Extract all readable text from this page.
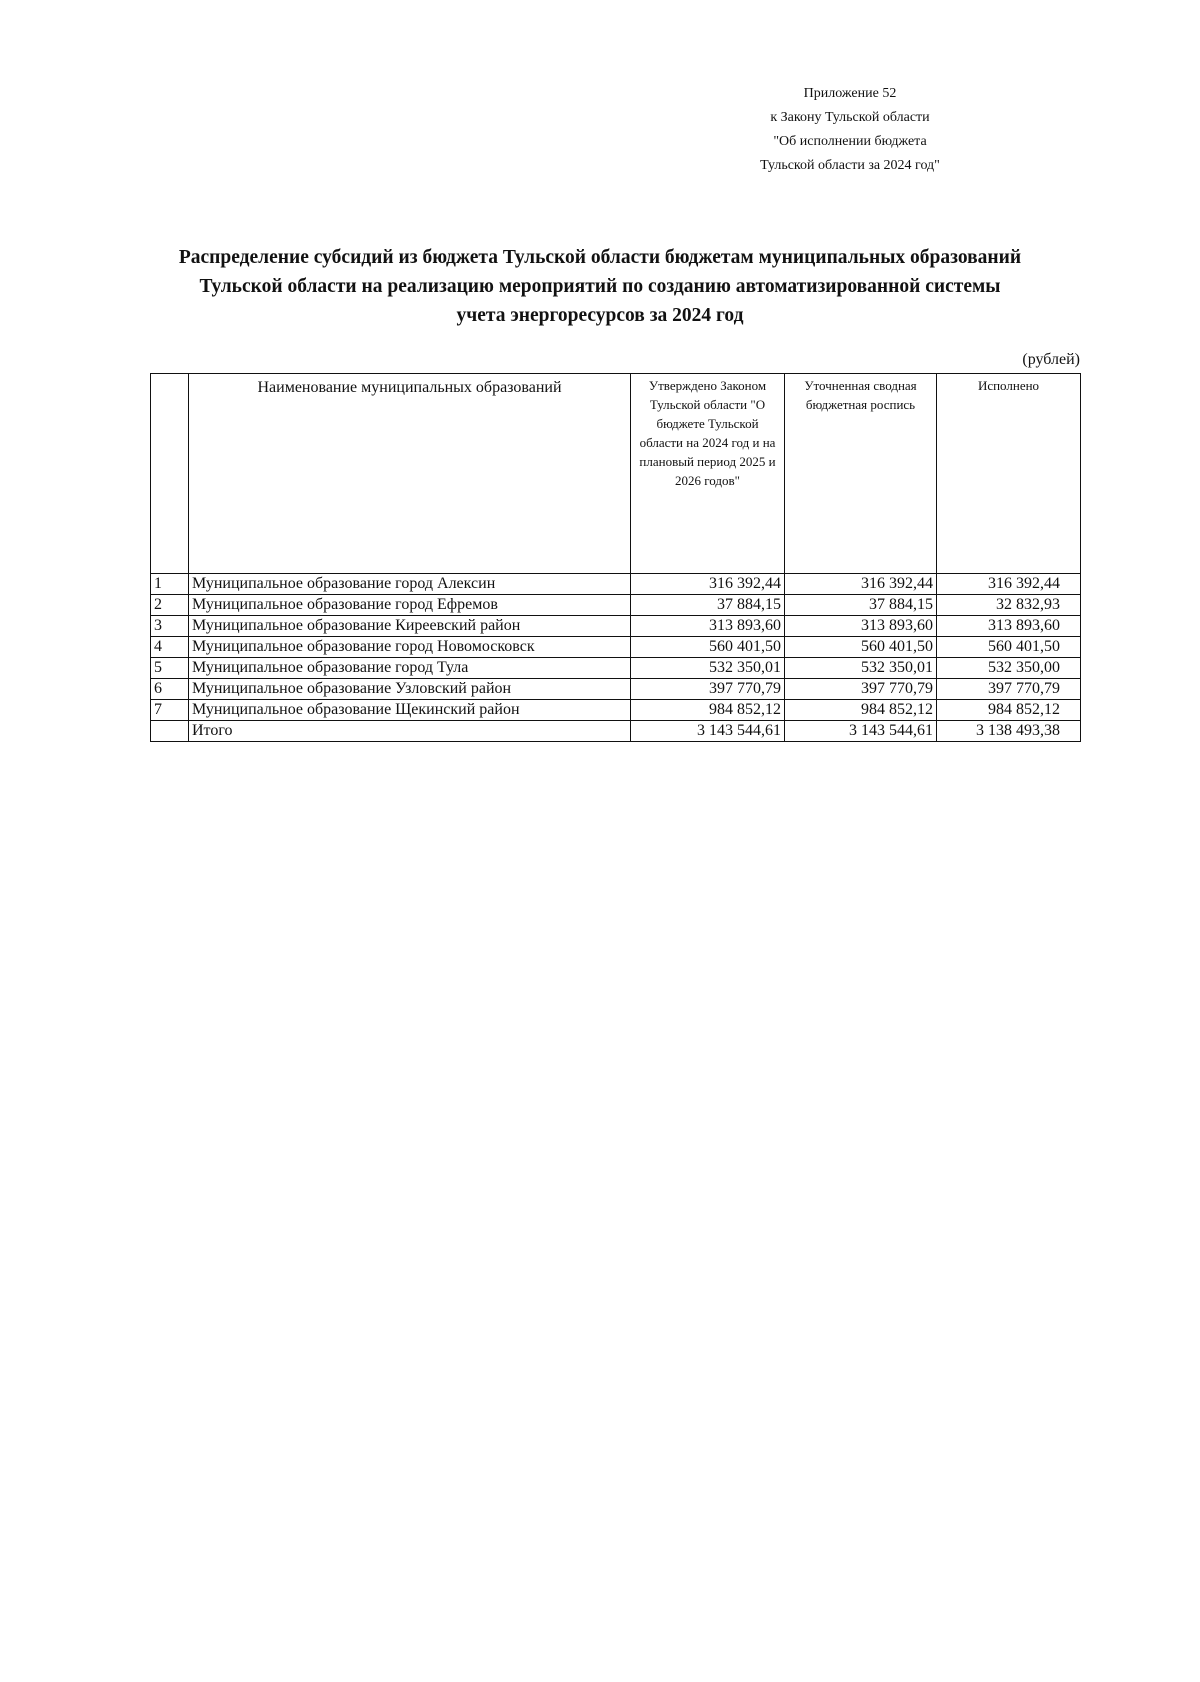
Приложение 52
к Закону Тульской области
"Об исполнении бюджета
Тульской области за 2024 год"
Распределение субсидий из бюджета Тульской области бюджетам муниципальных образований
Тульской области на реализацию мероприятий по созданию автоматизированной системы
учета энергоресурсов за 2024 год
(рублей)
	Наименование муниципальных образований	Утверждено Законом Тульской области "О бюджете Тульской области на 2024 год и на плановый период 2025 и 2026 годов"	Уточненная сводная бюджетная роспись	Исполнено
1	Муниципальное образование город Алексин	316 392,44	316 392,44	316 392,44
2	Муниципальное образование город Ефремов	37 884,15	37 884,15	32 832,93
3	Муниципальное образование Киреевский район	313 893,60	313 893,60	313 893,60
4	Муниципальное образование город Новомосковск	560 401,50	560 401,50	560 401,50
5	Муниципальное образование город Тула	532 350,01	532 350,01	532 350,00
6	Муниципальное образование Узловский район	397 770,79	397 770,79	397 770,79
7	Муниципальное образование Щекинский район	984 852,12	984 852,12	984 852,12
	Итого	3 143 544,61	3 143 544,61	3 138 493,38
